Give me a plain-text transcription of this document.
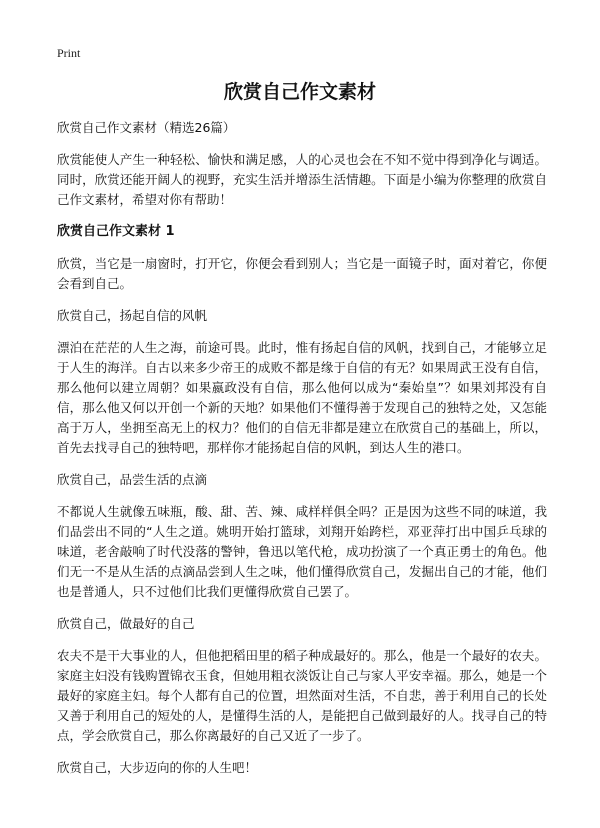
Print
欣赏自己作文素材

欣赏自己作文素材（精选26篇）

欣赏能使人产生一种轻松、愉快和满足感，人的心灵也会在不知不觉中得到净化与调适。同时，欣赏还能开阔人的视野，充实生活并增添生活情趣。下面是小编为你整理的欣赏自己作文素材，希望对你有帮助！

欣赏自己作文素材 1

欣赏，当它是一扇窗时，打开它，你便会看到别人；当它是一面镜子时，面对着它，你便会看到自己。

欣赏自己，扬起自信的风帆

漂泊在茫茫的人生之海，前途可畏。此时，惟有扬起自信的风帆，找到自己，才能够立足于人生的海洋。自古以来多少帝王的成败不都是缘于自信的有无？如果周武王没有自信，那么他何以建立周朝？如果嬴政没有自信，那么他何以成为“秦始皇”？如果刘邦没有自信，那么他又何以开创一个新的天地？如果他们不懂得善于发现自己的独特之处，又怎能高于万人，坐拥至高无上的权力？他们的自信无非都是建立在欣赏自己的基础上，所以，首先去找寻自己的独特吧，那样你才能扬起自信的风帆，到达人生的港口。

欣赏自己，品尝生活的点滴

不都说人生就像五味瓶，酸、甜、苦、辣、咸样样俱全吗？正是因为这些不同的味道，我们品尝出不同的“人生之道。姚明开始打篮球，刘翔开始跨栏，邓亚萍打出中国乒乓球的味道，老舍敲响了时代没落的警钟，鲁迅以笔代枪，成功扮演了一个真正勇士的角色。他们无一不是从生活的点滴品尝到人生之味，他们懂得欣赏自己，发掘出自己的才能，他们也是普通人，只不过他们比我们更懂得欣赏自己罢了。

欣赏自己，做最好的自己

农夫不是干大事业的人，但他把稻田里的稻子种成最好的。那么，他是一个最好的农夫。家庭主妇没有钱购置锦衣玉食，但她用粗衣淡饭让自己与家人平安幸福。那么，她是一个最好的家庭主妇。每个人都有自己的位置，坦然面对生活，不自悲，善于利用自己的长处又善于利用自己的短处的人，是懂得生活的人，是能把自己做到最好的人。找寻自己的特点，学会欣赏自己，那么你离最好的自己又近了一步了。

欣赏自己，大步迈向的你的人生吧！
